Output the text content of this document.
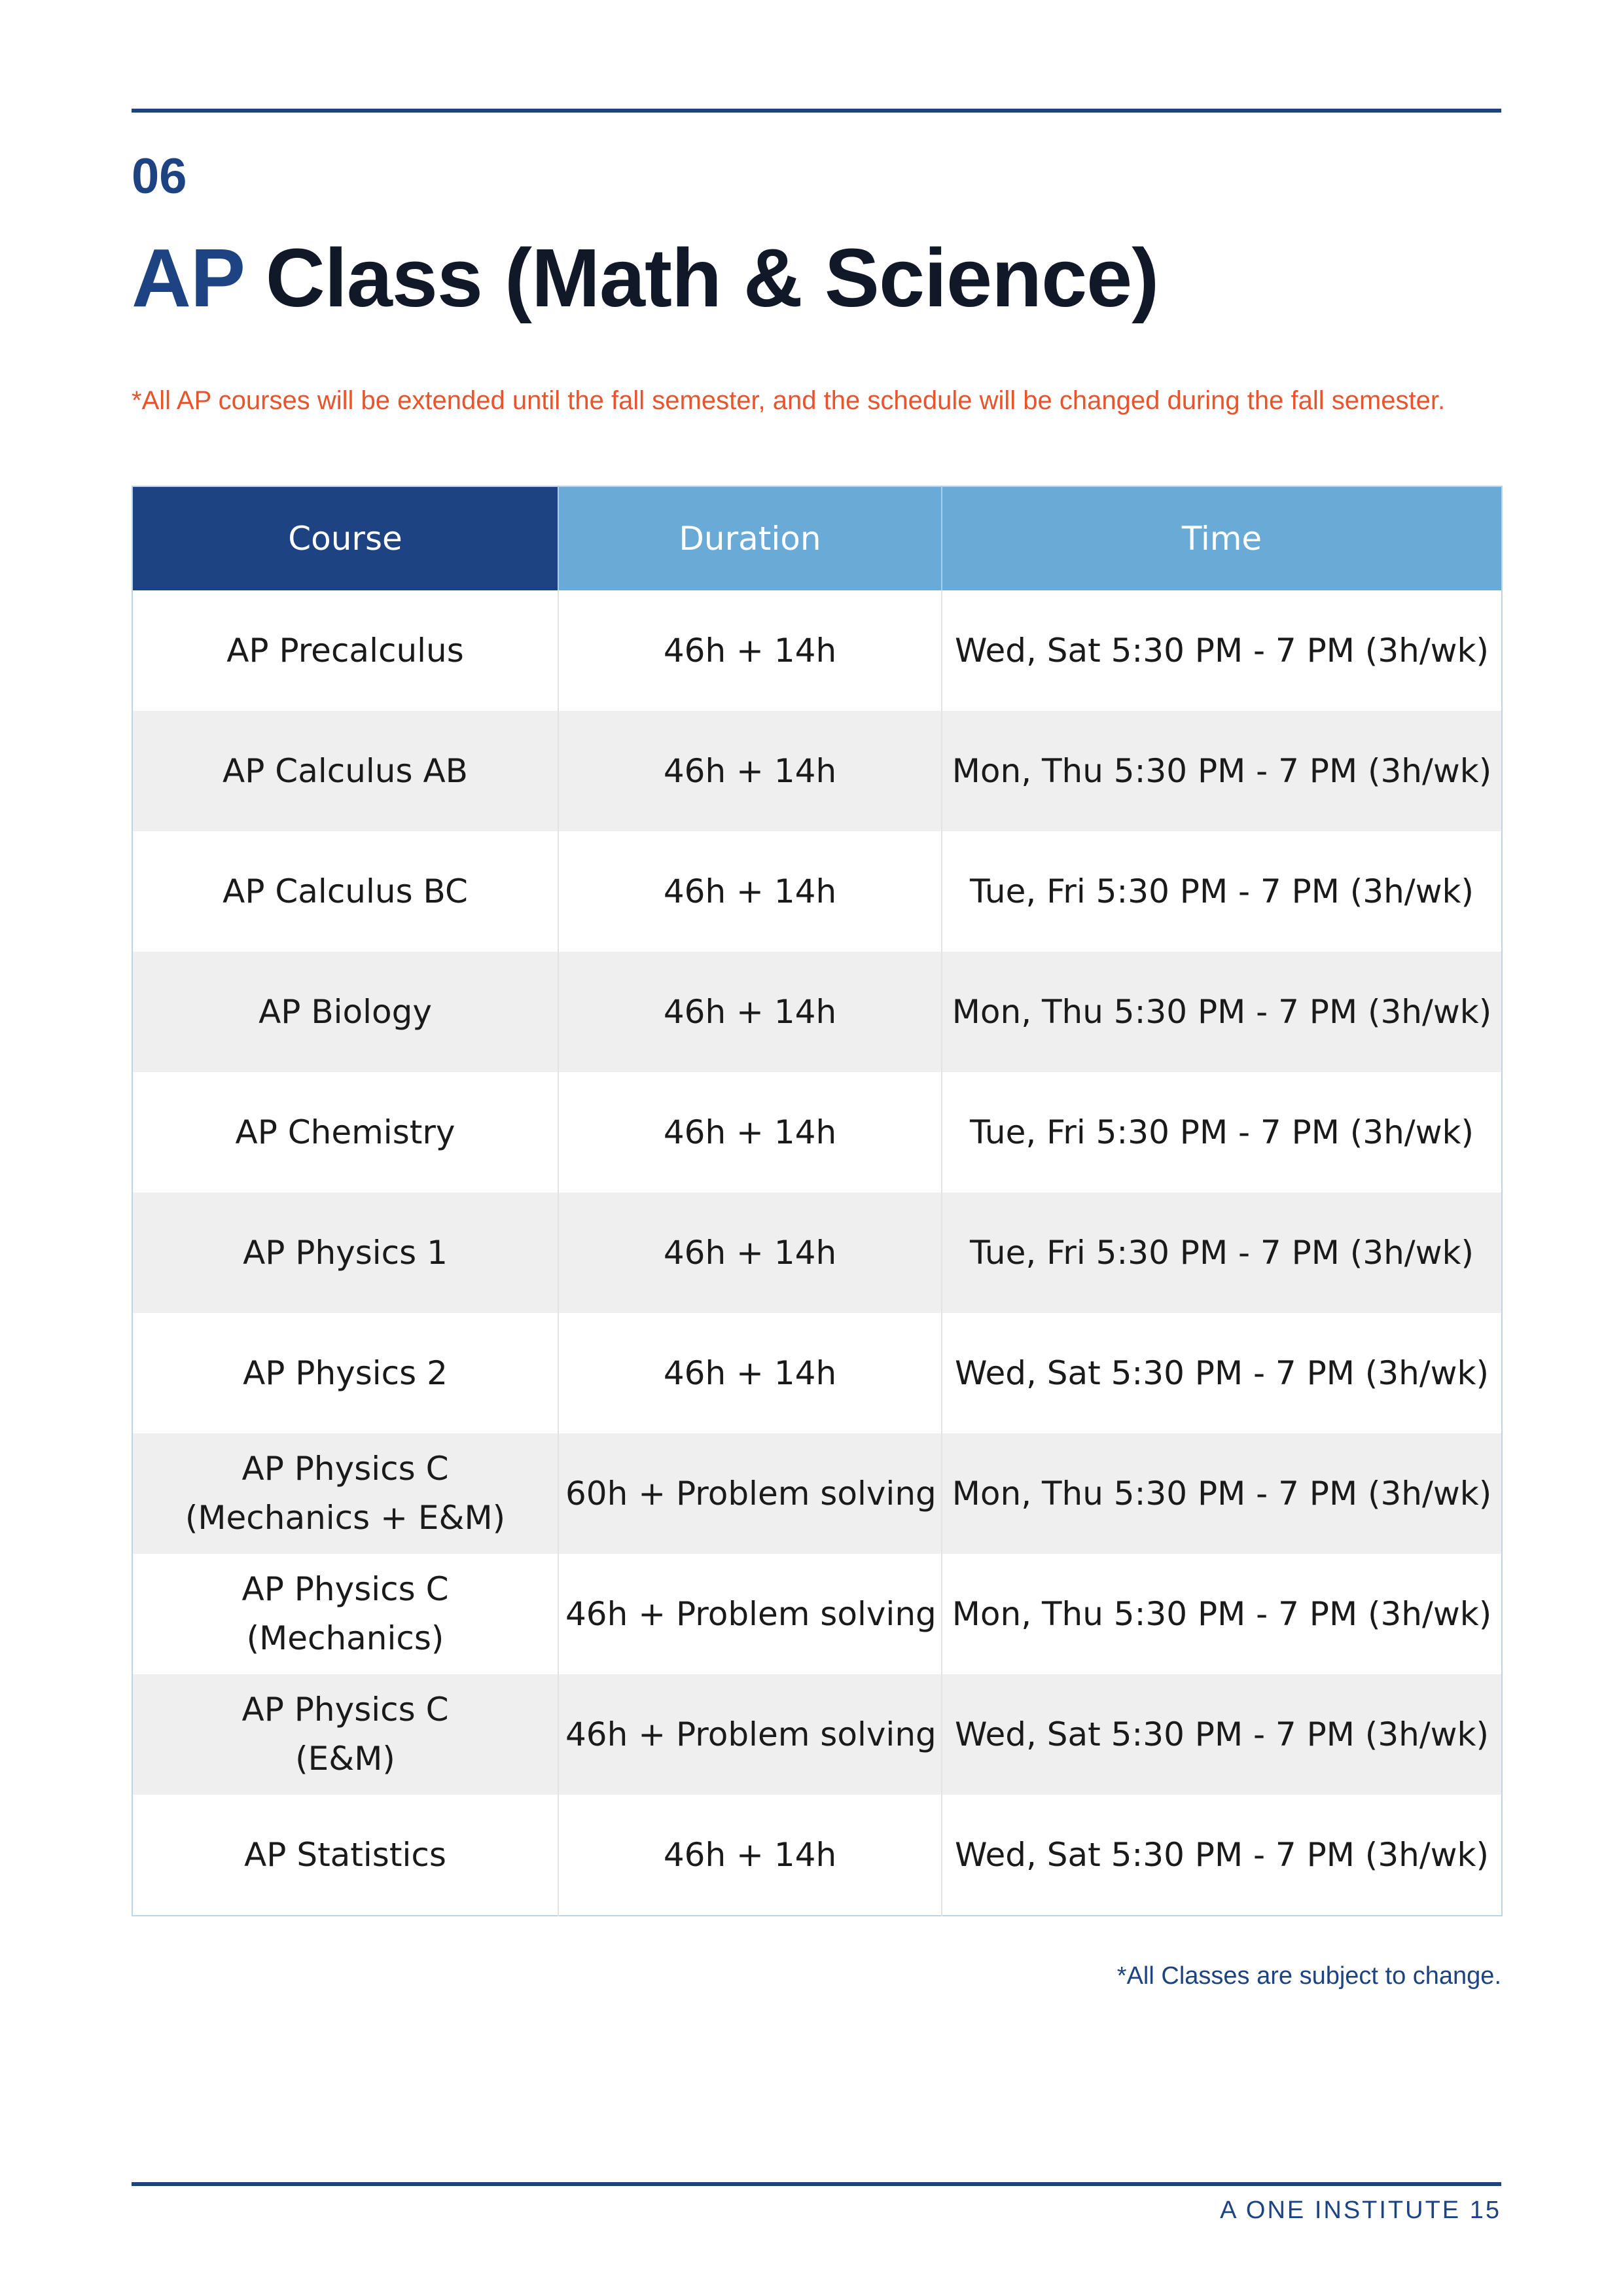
06
AP Class (Math & Science)
*All AP courses will be extended until the fall semester, and the schedule will be changed during the fall semester.
Course	Duration	Time

AP Precalculus	46h + 14h	Wed, Sat 5:30 PM - 7 PM (3h/wk)

AP Calculus AB	46h + 14h	Mon, Thu 5:30 PM - 7 PM (3h/wk)

AP Calculus BC	46h + 14h	Tue, Fri 5:30 PM - 7 PM (3h/wk)

AP Biology	46h + 14h	Mon, Thu 5:30 PM - 7 PM (3h/wk)

AP Chemistry	46h + 14h	Tue, Fri 5:30 PM - 7 PM (3h/wk)

AP Physics 1	46h + 14h	Tue, Fri 5:30 PM - 7 PM (3h/wk)

AP Physics 2	46h + 14h	Wed, Sat 5:30 PM - 7 PM (3h/wk)

AP Physics C
(Mechanics + E&M)	60h + Problem solving	Mon, Thu 5:30 PM - 7 PM (3h/wk)

AP Physics C
(Mechanics)	46h + Problem solving	Mon, Thu 5:30 PM - 7 PM (3h/wk)

AP Physics C
(E&M)	46h + Problem solving	Wed, Sat 5:30 PM - 7 PM (3h/wk)

AP Statistics	46h + 14h	Wed, Sat 5:30 PM - 7 PM (3h/wk)
*All Classes are subject to change.
A ONE INSTITUTE 15
